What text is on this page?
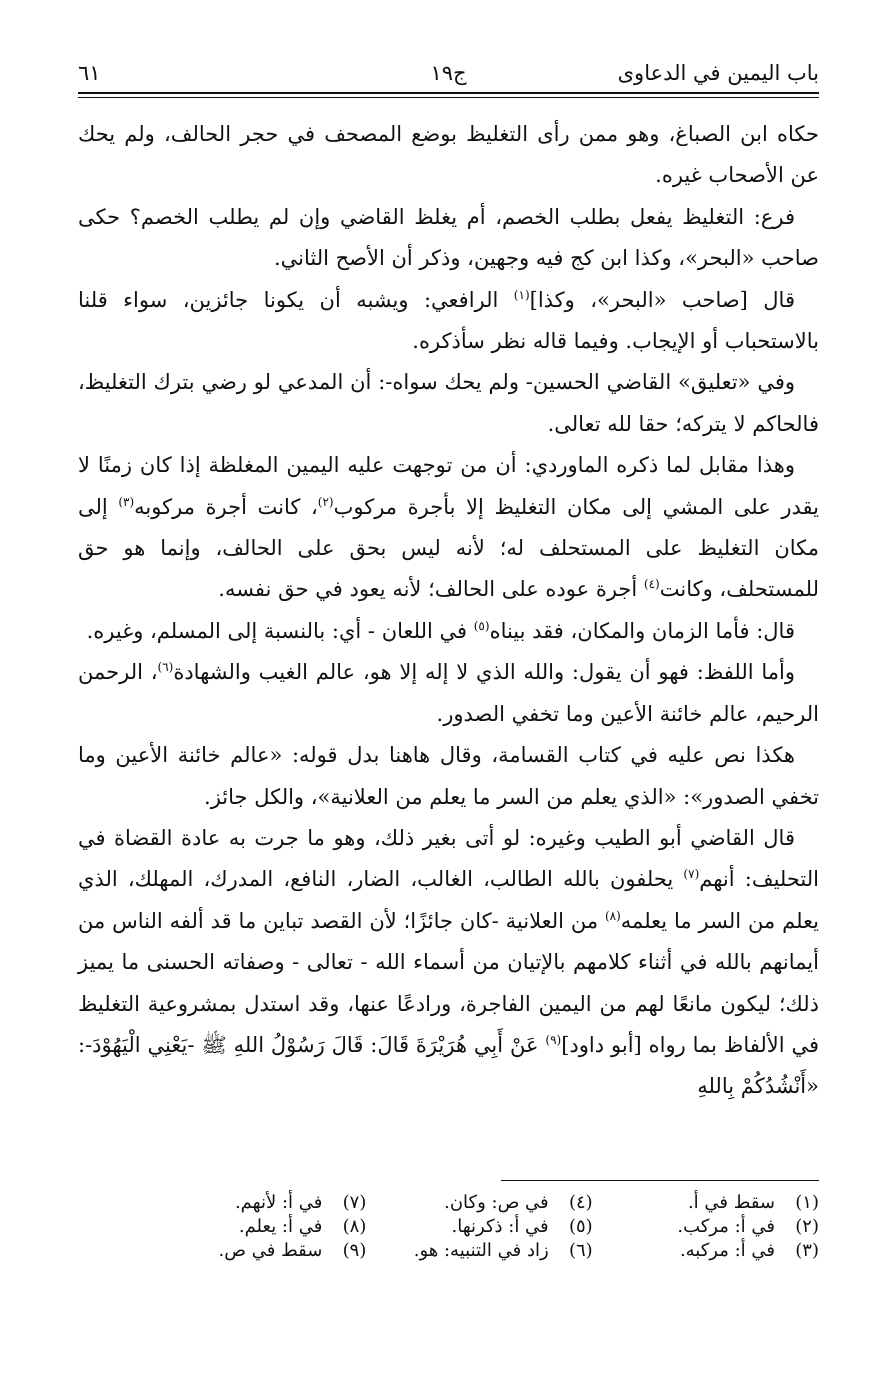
باب اليمين في الدعاوى
ج١٩
٦١

حكاه ابن الصباغ، وهو ممن رأى التغليظ بوضع المصحف في حجر الحالف، ولم يحك عن الأصحاب غيره.

فرع: التغليظ يفعل بطلب الخصم، أم يغلظ القاضي وإن لم يطلب الخصم؟ حكى صاحب «البحر»، وكذا ابن كج فيه وجهين، وذكر أن الأصح الثاني.

قال [صاحب «البحر»، وكذا]$^{(١)}$ الرافعي: ويشبه أن يكونا جائزين، سواء قلنا بالاستحباب أو الإيجاب. وفيما قاله نظر سأذكره.

وفي «تعليق» القاضي الحسين- ولم يحك سواه-: أن المدعي لو رضي بترك التغليظ، فالحاكم لا يتركه؛ حقا لله تعالى.

وهذا مقابل لما ذكره الماوردي: أن من توجهت عليه اليمين المغلظة إذا كان زمنًا لا يقدر على المشي إلى مكان التغليظ إلا بأجرة مركوب$^{(٢)}$، كانت أجرة مركوبه$^{(٣)}$ إلى مكان التغليظ على المستحلف له؛ لأنه ليس بحق على الحالف، وإنما هو حق للمستحلف، وكانت$^{(٤)}$ أجرة عوده على الحالف؛ لأنه يعود في حق نفسه.

قال: فأما الزمان والمكان، فقد بيناه$^{(٥)}$ في اللعان - أي: بالنسبة إلى المسلم، وغيره.

وأما اللفظ: فهو أن يقول: والله الذي لا إله إلا هو، عالم الغيب والشهادة$^{(٦)}$، الرحمن الرحيم، عالم خائنة الأعين وما تخفي الصدور.

هكذا نص عليه في كتاب القسامة، وقال هاهنا بدل قوله: «عالم خائنة الأعين وما تخفي الصدور»: «الذي يعلم من السر ما يعلم من العلانية»، والكل جائز.

قال القاضي أبو الطيب وغيره: لو أتى بغير ذلك، وهو ما جرت به عادة القضاة في التحليف: أنهم$^{(٧)}$ يحلفون بالله الطالب، الغالب، الضار، النافع، المدرك، المهلك، الذي يعلم من السر ما يعلمه$^{(٨)}$ من العلانية -كان جائزًا؛ لأن القصد تباين ما قد ألفه الناس من أيمانهم بالله في أثناء كلامهم بالإتيان من أسماء الله - تعالى - وصفاته الحسنى ما يميز ذلك؛ ليكون مانعًا لهم من اليمين الفاجرة، ورادعًا عنها، وقد استدل بمشروعية التغليظ في الألفاظ بما رواه [أبو داود]$^{(٩)}$ عَنْ أَبِي هُرَيْرَةَ قَالَ: قَالَ رَسُوْلُ اللهِ ﷺ -يَعْنِي الْيَهُوْدَ-: «أَنْشُدُكُمْ بِاللهِ

(١)سقط في أ.
(٤)في ص: وكان.
(٧)في أ: لأنهم.
(٢)في أ: مركب.
(٥)في أ: ذكرنها.
(٨)في أ: يعلم.
(٣)في أ: مركبه.
(٦)زاد في التنبيه: هو.
(٩)سقط في ص.
